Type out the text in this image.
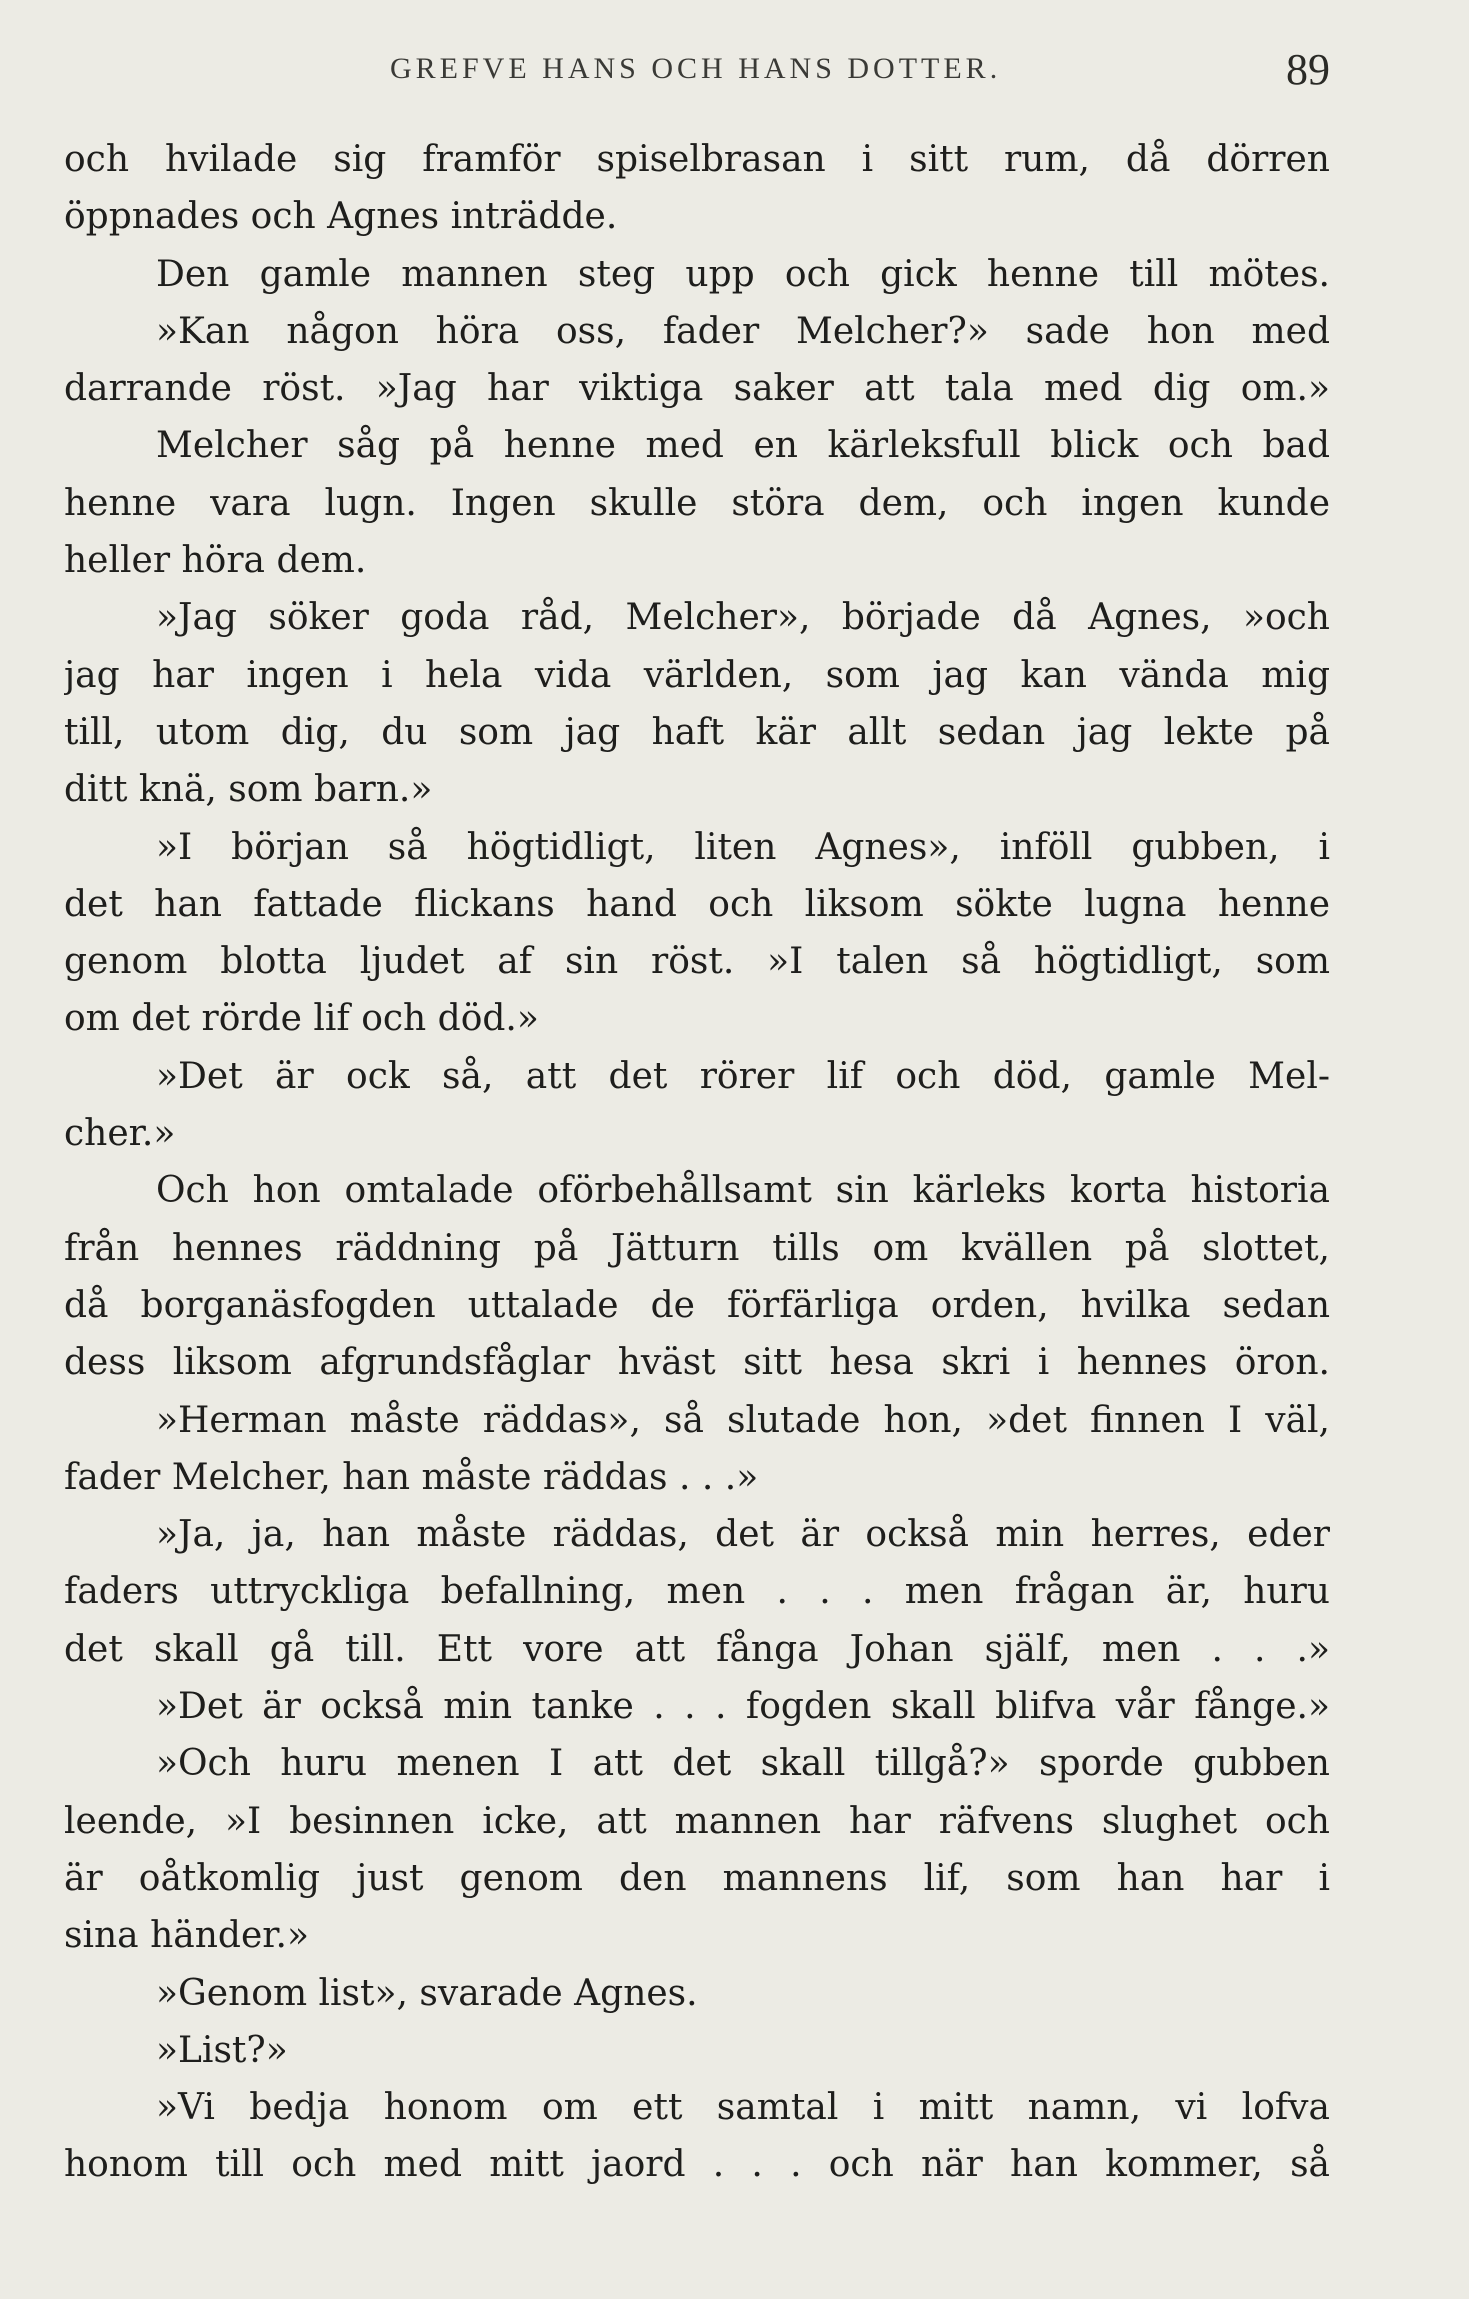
GREFVE HANS OCH HANS DOTTER.	89
och hvilade sig framför spiselbrasan i sitt rum, då dörren
öppnades och Agnes inträdde.
Den gamle mannen steg upp och gick henne till mötes.
»Kan någon höra oss, fader Melcher?» sade hon med
darrande röst. »Jag har viktiga saker att tala med dig om.»
Melcher såg på henne med en kärleksfull blick och bad
henne vara lugn. Ingen skulle störa dem, och ingen kunde
heller höra dem.
»Jag söker goda råd, Melcher», började då Agnes, »och
jag har ingen i hela vida världen, som jag kan vända mig
till, utom dig, du som jag haft kär allt sedan jag lekte på
ditt knä, som barn.»
»I början så högtidligt, liten Agnes», inföll gubben, i
det han fattade flickans hand och liksom sökte lugna henne
genom blotta ljudet af sin röst. »I talen så högtidligt, som
om det rörde lif och död.»
»Det är ock så, att det rörer lif och död, gamle Mel-
cher.»
Och hon omtalade oförbehållsamt sin kärleks korta historia
från hennes räddning på Jätturn tills om kvällen på slottet,
då borganäsfogden uttalade de förfärliga orden, hvilka sedan
dess liksom afgrundsfåglar hväst sitt hesa skri i hennes öron.
»Herman måste räddas», så slutade hon, »det finnen I väl,
fader Melcher, han måste räddas . . .»
»Ja, ja, han måste räddas, det är också min herres, eder
faders uttryckliga befallning, men . . . men frågan är, huru
det skall gå till. Ett vore att fånga Johan själf, men . . .»
»Det är också min tanke . . . fogden skall blifva vår fånge.»
»Och huru menen I att det skall tillgå?» sporde gubben
leende, »I besinnen icke, att mannen har räfvens slughet och
är oåtkomlig just genom den mannens lif, som han har i
sina händer.»
»Genom list», svarade Agnes.
»List?»
»Vi bedja honom om ett samtal i mitt namn, vi lofva
honom till och med mitt jaord . . . och när han kommer, så
